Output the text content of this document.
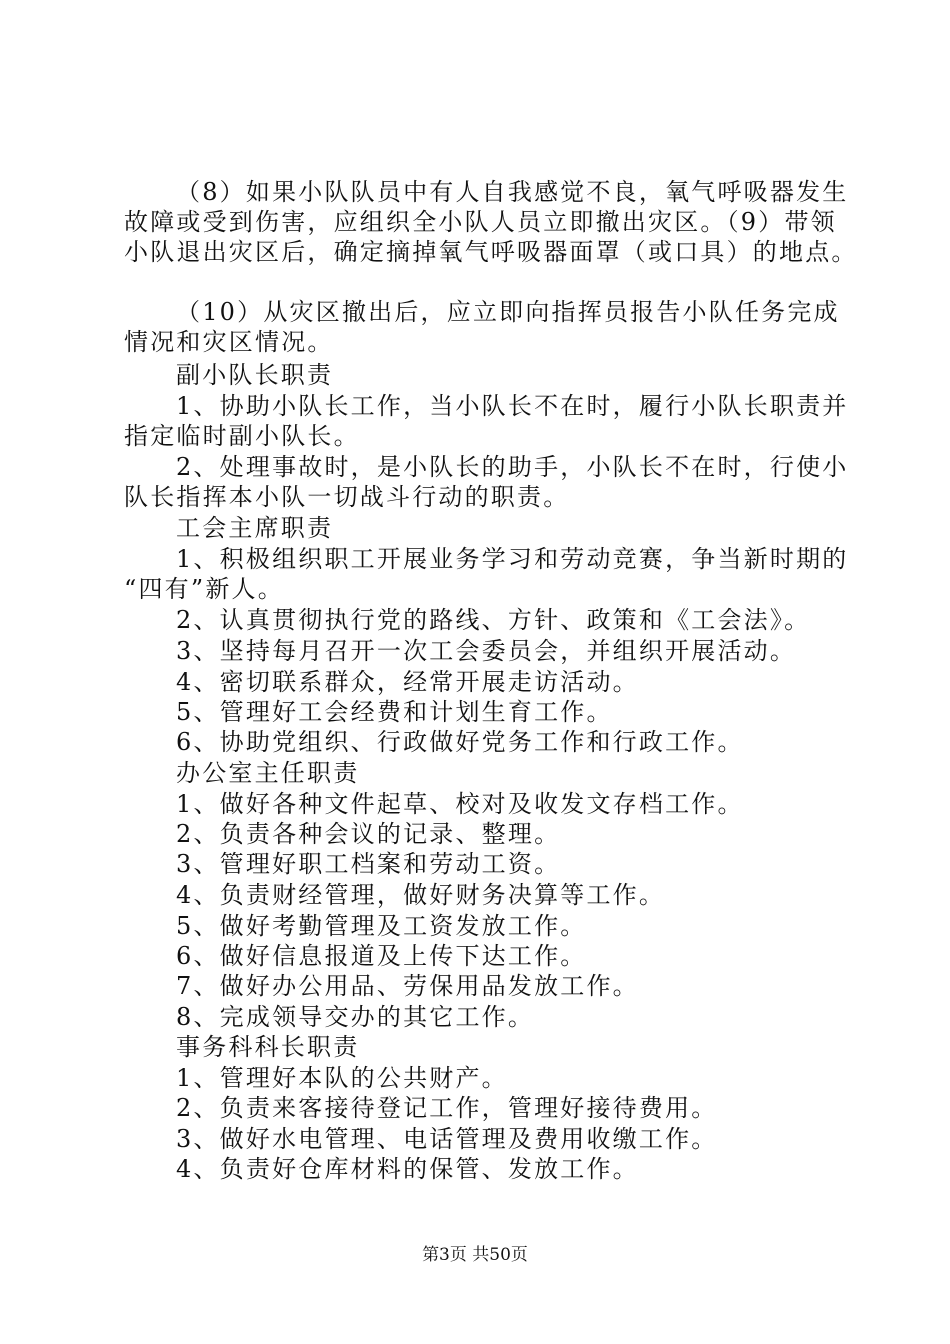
（8）如果小队队员中有人自我感觉不良，氧气呼吸器发生
故障或受到伤害，应组织全小队人员立即撤出灾区。（9）带领
小队退出灾区后，确定摘掉氧气呼吸器面罩（或口具）的地点。
（10）从灾区撤出后，应立即向指挥员报告小队任务完成
情况和灾区情况。
副小队长职责
1、协助小队长工作，当小队长不在时，履行小队长职责并
指定临时副小队长。
2、处理事故时，是小队长的助手，小队长不在时，行使小
队长指挥本小队一切战斗行动的职责。
工会主席职责
1、积极组织职工开展业务学习和劳动竞赛，争当新时期的
“四有”新人。
2、认真贯彻执行党的路线、方针、政策和《工会法》。
3、坚持每月召开一次工会委员会，并组织开展活动。
4、密切联系群众，经常开展走访活动。
5、管理好工会经费和计划生育工作。
6、协助党组织、行政做好党务工作和行政工作。
办公室主任职责
1、做好各种文件起草、校对及收发文存档工作。
2、负责各种会议的记录、整理。
3、管理好职工档案和劳动工资。
4、负责财经管理，做好财务决算等工作。
5、做好考勤管理及工资发放工作。
6、做好信息报道及上传下达工作。
7、做好办公用品、劳保用品发放工作。
8、完成领导交办的其它工作。
事务科科长职责
1、管理好本队的公共财产。
2、负责来客接待登记工作，管理好接待费用。
3、做好水电管理、电话管理及费用收缴工作。
4、负责好仓库材料的保管、发放工作。
第3页 共50页
